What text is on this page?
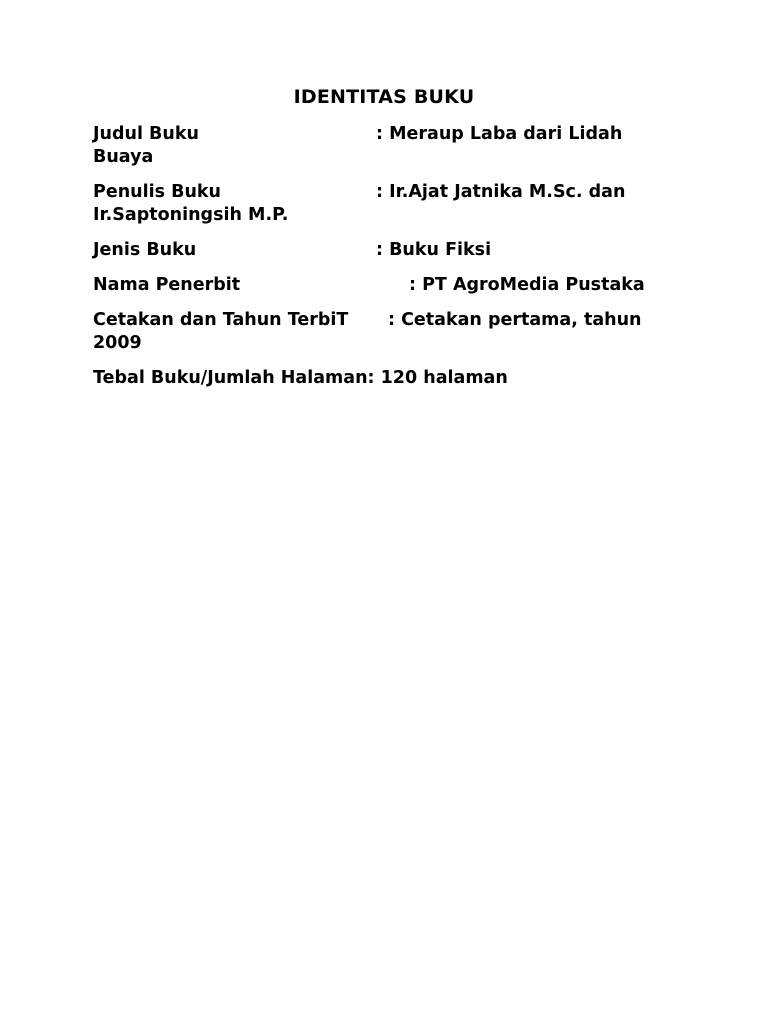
IDENTITAS BUKU
Judul Buku	: Meraup Laba dari Lidah
Buaya
Penulis Buku	: Ir.Ajat Jatnika M.Sc. dan
Ir.Saptoningsih M.P.
Jenis Buku	: Buku Fiksi
Nama Penerbit	: PT AgroMedia Pustaka
Cetakan dan Tahun TerbiT : Cetakan pertama, tahun
2009
Tebal Buku/Jumlah Halaman: 120 halaman
